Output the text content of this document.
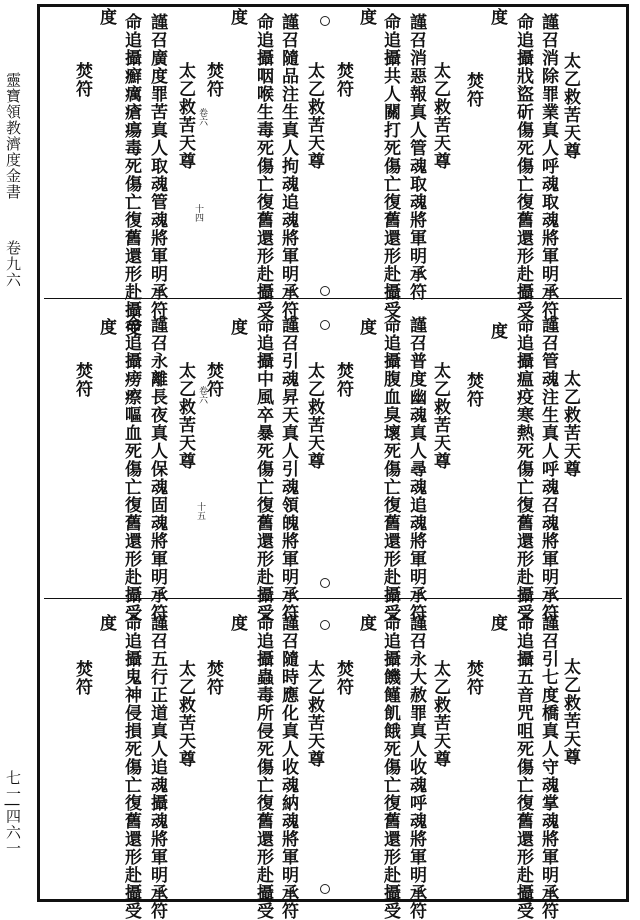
靈寶領教濟度金書
卷九六
七一|四六一
太乙救苦天尊
謹召消除罪業真人呼魂取魂將軍明承符
命追攝戕盜斫傷死傷亡復舊還形赴攝受
度
焚符
太乙救苦天尊
謹召消惡報真人管魂取魂將軍明承符
命追攝共人關打死傷亡復舊還形赴攝受
度
焚符
太乙救苦天尊
謹召隨品注生真人拘魂追魂將軍明承符
命追攝咽喉生毒死傷亡復舊還形赴攝受
度
焚符
太乙救苦天尊
謹召廣度罪苦真人取魂管魂將軍明承符
命追攝癬癘瘡瘍毒死傷亡復舊還形赴攝受
度
焚符
卷六
十四
太乙救苦天尊
謹召管魂注生真人呼魂召魂將軍明承符
命追攝瘟疫寒熱死傷亡復舊還形赴攝受
度
焚符
太乙救苦天尊
謹召普度幽魂真人尋魂追魂將軍明承符
命追攝腹血臭壞死傷亡復舊還形赴攝受
度
焚符
太乙救苦天尊
謹召引魂昇天真人引魂領魄將軍明承符
命追攝中風卒暴死傷亡復舊還形赴攝受
度
焚符
太乙救苦天尊
謹召永離長夜真人保魂固魂將軍明承符
命追攝痨瘵嘔血死傷亡復舊還形赴攝受
度
焚符	卷六
十五
太乙救苦天尊
謹召引七度橋真人守魂掌魂將軍明承符
命追攝五音咒咀死傷亡復舊還形赴攝受
度
焚符
太乙救苦天尊
謹召永大赦罪真人收魂呼魂將軍明承符
命追攝饑饉飢餓死傷亡復舊還形赴攝受
度
焚符
太乙救苦天尊
謹召隨時應化真人收魂納魂將軍明承符
命追攝蟲毒所侵死傷亡復舊還形赴攝受
度
焚符
太乙救苦天尊
謹召五行正道真人追魂攝魂將軍明承符
命追攝鬼神侵損死傷亡復舊還形赴攝受
度
焚符
